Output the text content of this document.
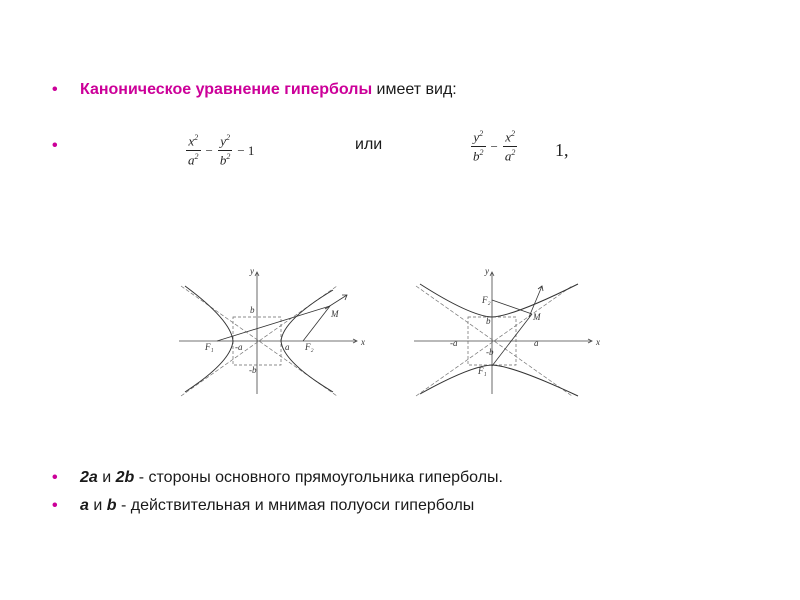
• Каноническое уравнение гиперболы имеет вид:
•	$\frac{x^2}{a^2} - \frac{y^2}{b^2} - 1$	или	$\frac{y^2}{b^2} - \frac{x^2}{a^2} 1$,
x
y
b
-b
-a	a
F₁	F₂
M
x
y
b
-b
-a	a
F₁
F₂
M
• 2a и 2b - стороны основного прямоугольника гиперболы.
• a и b - действительная и мнимая полуоси гиперболы
